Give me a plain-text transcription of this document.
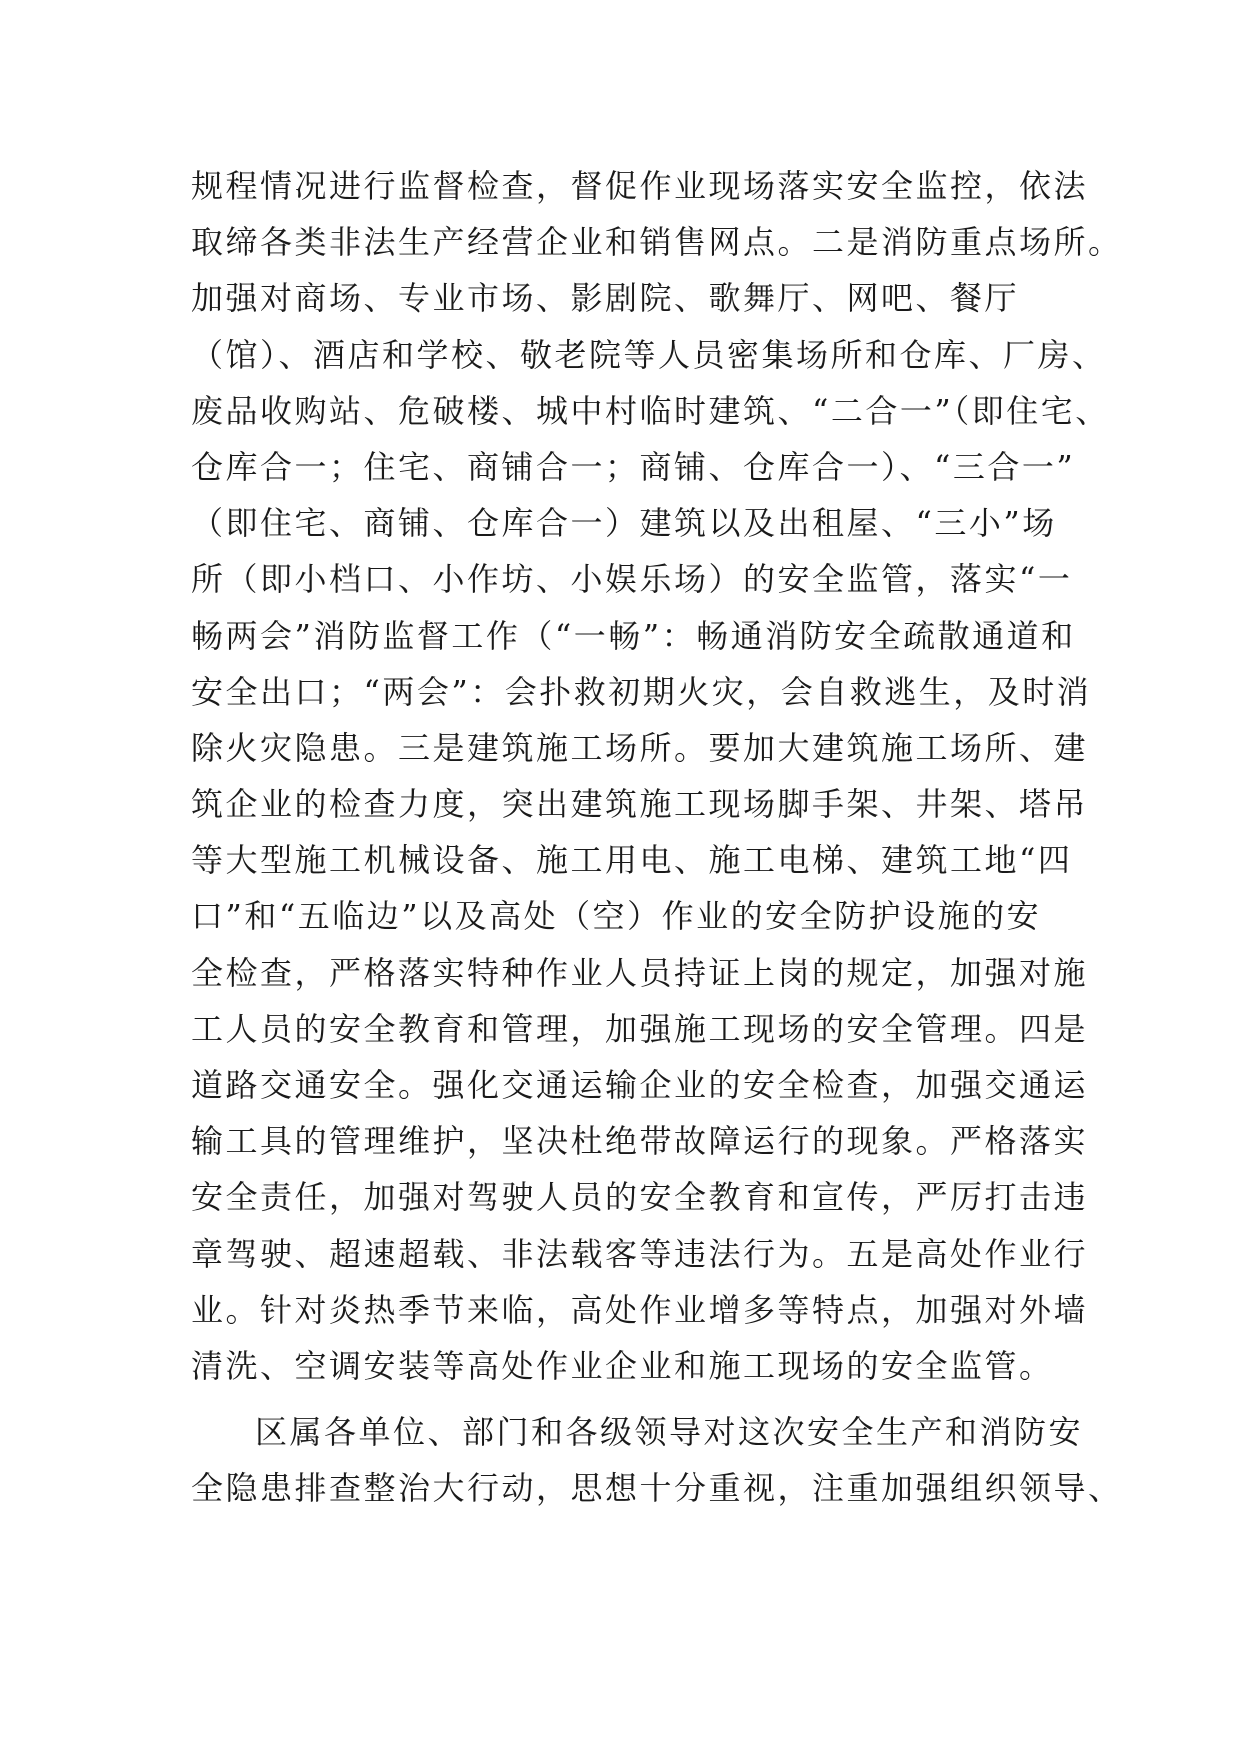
规程情况进行监督检查，督促作业现场落实安全监控，依法
取缔各类非法生产经营企业和销售网点。二是消防重点场所。
加强对商场、专业市场、影剧院、歌舞厅、网吧、餐厅
（馆）、酒店和学校、敬老院等人员密集场所和仓库、厂房、
废品收购站、危破楼、城中村临时建筑、“二合一”（即住宅、
仓库合一；住宅、商铺合一；商铺、仓库合一）、“三合一”
（即住宅、商铺、仓库合一）建筑以及出租屋、“三小”场
所（即小档口、小作坊、小娱乐场）的安全监管，落实“一
畅两会”消防监督工作（“一畅”：畅通消防安全疏散通道和
安全出口；“两会”：会扑救初期火灾，会自救逃生，及时消
除火灾隐患。三是建筑施工场所。要加大建筑施工场所、建
筑企业的检查力度，突出建筑施工现场脚手架、井架、塔吊
等大型施工机械设备、施工用电、施工电梯、建筑工地“四
口”和“五临边”以及高处（空）作业的安全防护设施的安
全检查，严格落实特种作业人员持证上岗的规定，加强对施
工人员的安全教育和管理，加强施工现场的安全管理。四是
道路交通安全。强化交通运输企业的安全检查，加强交通运
输工具的管理维护，坚决杜绝带故障运行的现象。严格落实
安全责任，加强对驾驶人员的安全教育和宣传，严厉打击违
章驾驶、超速超载、非法载客等违法行为。五是高处作业行
业。针对炎热季节来临，高处作业增多等特点，加强对外墙
清洗、空调安装等高处作业企业和施工现场的安全监管。
区属各单位、部门和各级领导对这次安全生产和消防安
全隐患排查整治大行动，思想十分重视，注重加强组织领导、
